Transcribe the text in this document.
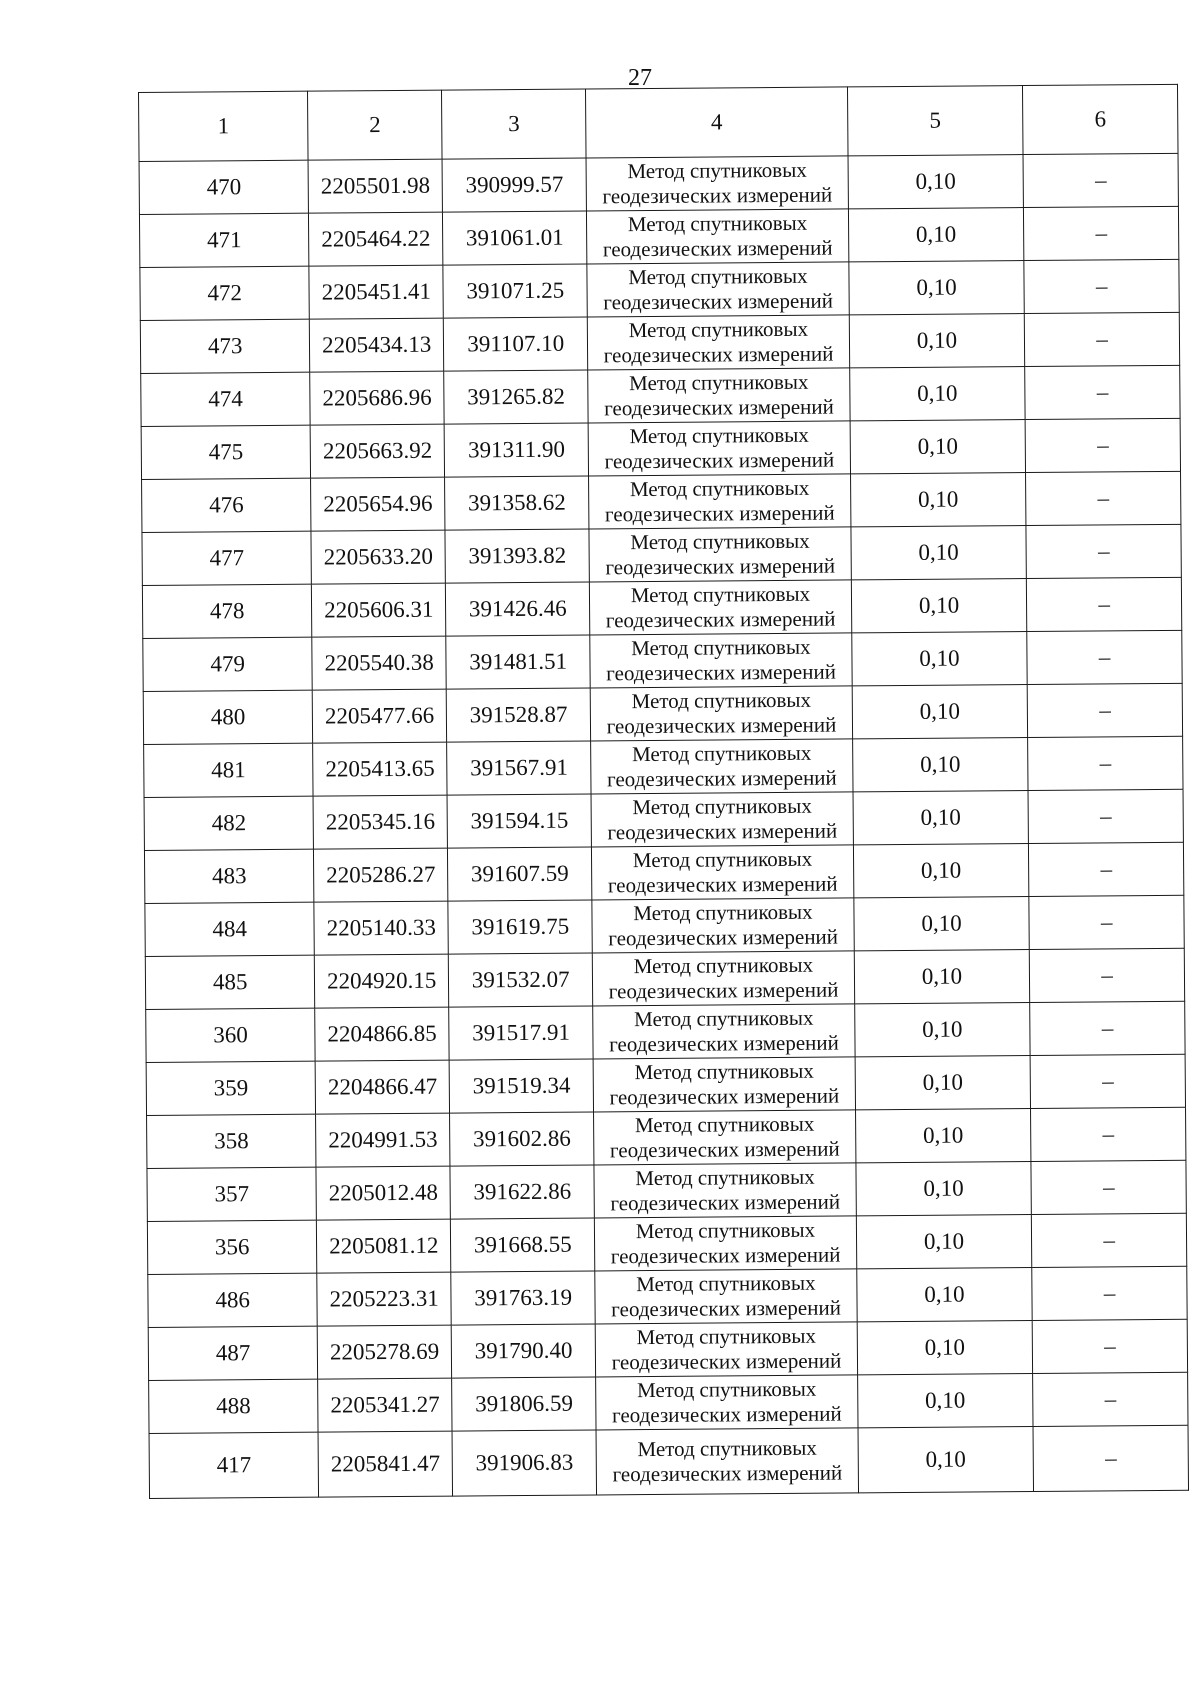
27
1	2	3	4	5	6
470	2205501.98	390999.57	Метод спутниковых
геодезических измерений	0,10	–
471	2205464.22	391061.01	Метод спутниковых
геодезических измерений	0,10	–
472	2205451.41	391071.25	Метод спутниковых
геодезических измерений	0,10	–
473	2205434.13	391107.10	Метод спутниковых
геодезических измерений	0,10	–
474	2205686.96	391265.82	Метод спутниковых
геодезических измерений	0,10	–
475	2205663.92	391311.90	Метод спутниковых
геодезических измерений	0,10	–
476	2205654.96	391358.62	Метод спутниковых
геодезических измерений	0,10	–
477	2205633.20	391393.82	Метод спутниковых
геодезических измерений	0,10	–
478	2205606.31	391426.46	Метод спутниковых
геодезических измерений	0,10	–
479	2205540.38	391481.51	Метод спутниковых
геодезических измерений	0,10	–
480	2205477.66	391528.87	Метод спутниковых
геодезических измерений	0,10	–
481	2205413.65	391567.91	Метод спутниковых
геодезических измерений	0,10	–
482	2205345.16	391594.15	Метод спутниковых
геодезических измерений	0,10	–
483	2205286.27	391607.59	Метод спутниковых
геодезических измерений	0,10	–
484	2205140.33	391619.75	Метод спутниковых
геодезических измерений	0,10	–
485	2204920.15	391532.07	Метод спутниковых
геодезических измерений	0,10	–
360	2204866.85	391517.91	Метод спутниковых
геодезических измерений	0,10	–
359	2204866.47	391519.34	Метод спутниковых
геодезических измерений	0,10	–
358	2204991.53	391602.86	Метод спутниковых
геодезических измерений	0,10	–
357	2205012.48	391622.86	Метод спутниковых
геодезических измерений	0,10	–
356	2205081.12	391668.55	Метод спутниковых
геодезических измерений	0,10	–
486	2205223.31	391763.19	Метод спутниковых
геодезических измерений	0,10	–
487	2205278.69	391790.40	Метод спутниковых
геодезических измерений	0,10	–
488	2205341.27	391806.59	Метод спутниковых
геодезических измерений	0,10	–
417	2205841.47	391906.83	Метод спутниковых
геодезических измерений	0,10	–
